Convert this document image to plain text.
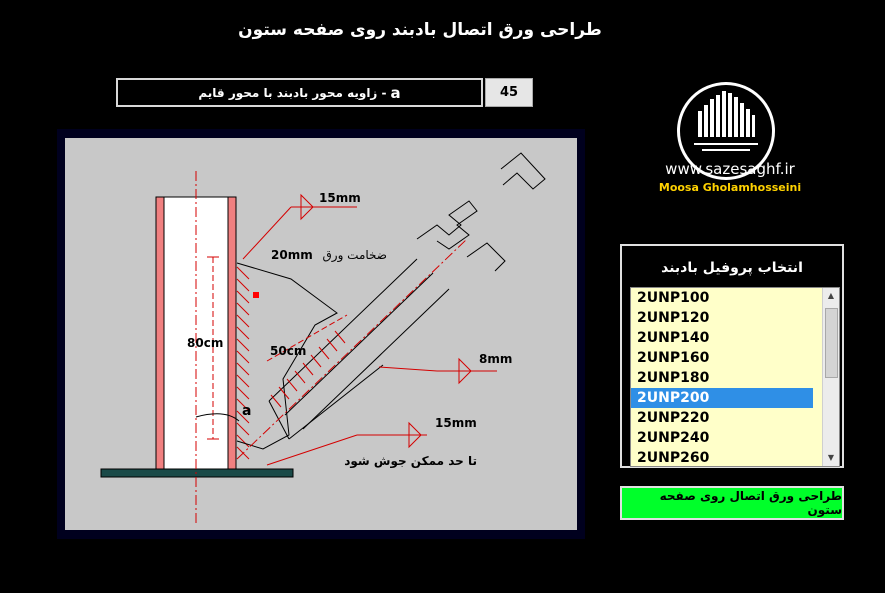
طراحی ورق اتصال بادبند روی صفحه ستون
a
- زاویه محور بادبند با محور قایم	45
www.sazesaghf.ir
Moosa Gholamhosseini
80cm
50cm
15mm
20mm ضخامت ورق
8mm
a
15mm
تا حد ممکن جوش شود
انتخاب پروفیل بادبند
2UNP100
2UNP120
2UNP140
2UNP160
2UNP180
2UNP200
2UNP220
2UNP240
2UNP260
▲
▼
طراحی ورق اتصال روی صفحه ستون
